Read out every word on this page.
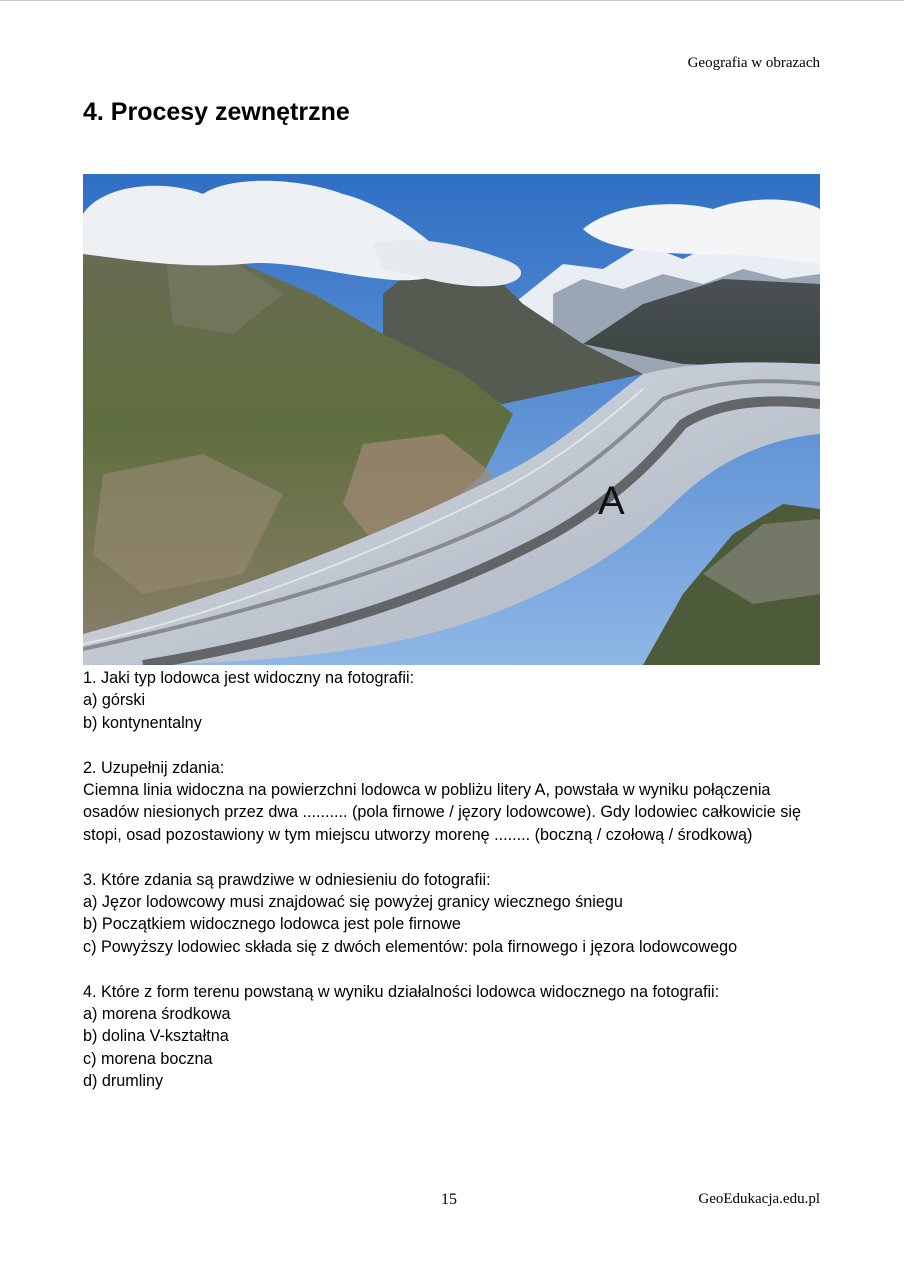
Geografia w obrazach
4. Procesy zewnętrzne
A

1. Jaki typ lodowca jest widoczny na fotografii:

a) górski

b) kontynentalny

2. Uzupełnij zdania:

Ciemna linia widoczna na powierzchni lodowca w pobliżu litery A, powstała w wyniku połączenia osadów niesionych przez dwa .......... (pola firnowe / jęzory lodowcowe). Gdy lodowiec całkowicie się stopi, osad pozostawiony w tym miejscu utworzy morenę ........ (boczną / czołową / środkową)

3. Które zdania są prawdziwe w odniesieniu do fotografii:

a) Jęzor lodowcowy musi znajdować się powyżej granicy wiecznego śniegu

b) Początkiem widocznego lodowca jest pole firnowe

c) Powyższy lodowiec składa się z dwóch elementów: pola firnowego i jęzora lodowcowego

4. Które z form terenu powstaną w wyniku działalności lodowca widocznego na fotografii:

a) morena środkowa

b) dolina V-kształtna

c) morena boczna

d) drumliny

15	GeoEdukacja.edu.pl
